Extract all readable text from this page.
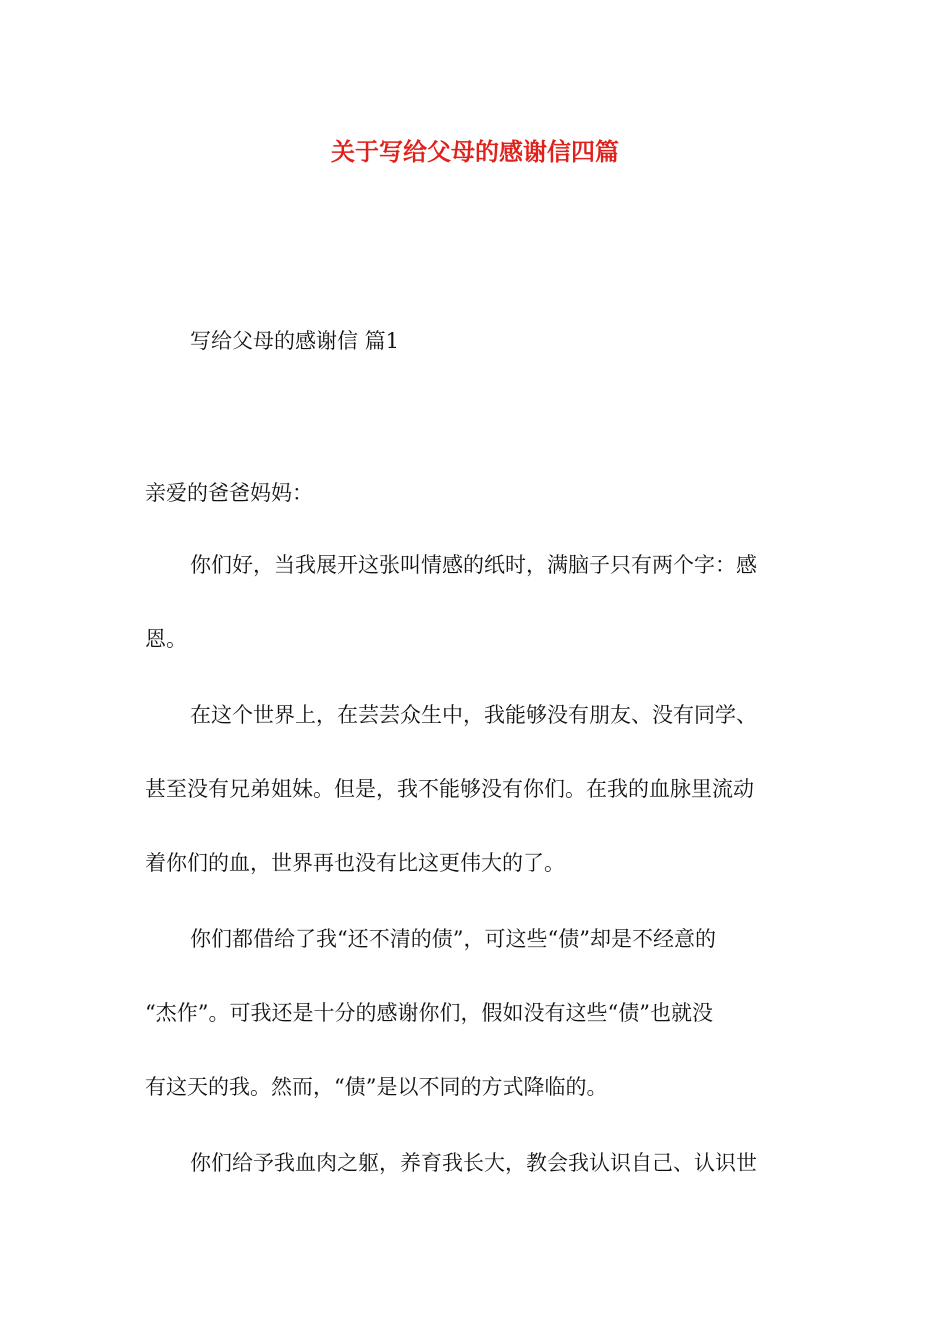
关于写给父母的感谢信四篇
写给父母的感谢信 篇1
亲爱的爸爸妈妈：
你们好，当我展开这张叫情感的纸时，满脑子只有两个字：感
恩。
在这个世界上，在芸芸众生中，我能够没有朋友、没有同学、
甚至没有兄弟姐妹。但是，我不能够没有你们。在我的血脉里流动
着你们的血，世界再也没有比这更伟大的了。
你们都借给了我“还不清的债”，可这些“债”却是不经意的
“杰作”。可我还是十分的感谢你们，假如没有这些“债”也就没
有这天的我。然而，“债”是以不同的方式降临的。
你们给予我血肉之躯，养育我长大，教会我认识自己、认识世
